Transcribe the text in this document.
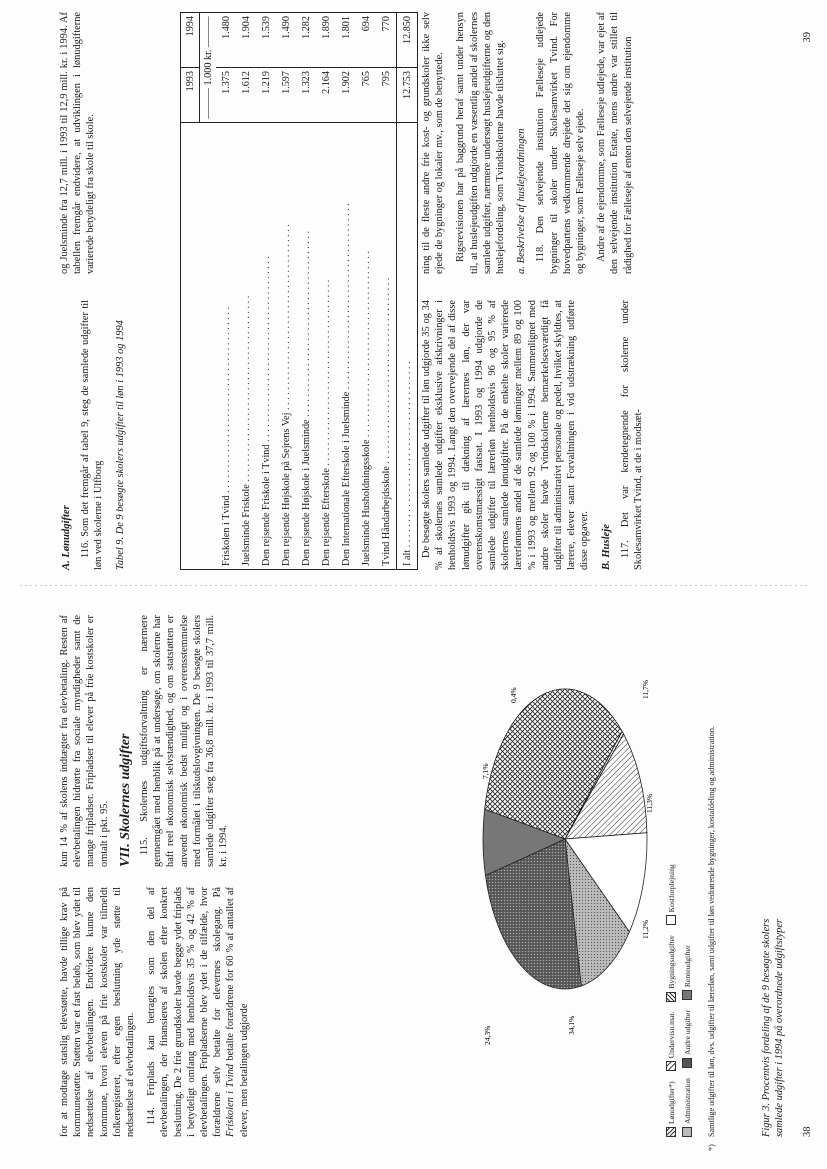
for at modtage statslig elevstøtte, havde tillige krav på kommunestøtte. Støtten var et fast beløb, som blev ydet til nedsættelse af elevbetalingen. Endvidere kunne den kommune, hvori eleven på frie kostskoler var tilmeldt folkeregisteret, efter egen beslutning yde støtte til nedsættelse af elevbetalingen. 114. Friplads kan betragtes som den del af elevbetalingen, der finansieres af skolen efter konkret beslutning. De 2 frie grundskoler havde begge ydet friplads i betydeligt omfang med henholdsvis 35 % og 42 % af elevbetalingen. Fripladserne blev ydet i de tilfælde, hvor forældrene selv betalte for elevernes skolegang. På Friskolen i Tvind betalte forældrene for 60 % af antallet af elever, men betalingen udgjorde

kun 14 % af skolens indtægter fra elevbetaling. Resten af elevbetalingen hidrørte fra sociale myndigheder samt de mange fripladser. Fripladser til elever på frie kostskoler er omtalt i pkt. 95. VII. Skolernes udgifter 115. Skolernes udgiftsforvaltning er nærmere gennemgået med henblik på at undersøge, om skolerne har haft reel økonomisk selvstændighed, og om statstøtten er anvendt økonomisk bedst muligt og i overensstemmelse med formålet i tilskudslovgivningen. De 9 besøgte skolers samlede udgifter steg fra 36,8 mill. kr. i 1993 til 37,7 mill. kr. i 1994.

34,1%
0,4%	11,7%
11,3%
11,2%
24,3%
7,1%
Lønudgifter*)
Undervisn.mat.
Bygningsudgifter
Kostforplejning
Administration
Andre udgifter
Renteudgifter
*)
Samtlige udgifter til løn, dvs. udgifter til lærerløn, samt udgifter til løn vedrørende bygninger, kostafdeling og administration.	Figur 3. Procentvis fordeling af de 9 besøgte skolers samlede udgifter i 1994 på overordnede udgiftstyper 38
A. Lønudgifter 116. Som det fremgår af tabel 9, steg de samlede udgifter til løn ved skolerne i Ulfborg Tabel 9. De 9 besøgte skolers udgifter til løn i 1993 og 1994

og Juelsminde fra 12,7 mill. i 1993 til 12,9 mill. kr. i 1994. Af tabellen fremgår endvidere, at udviklingen i lønudgifterne varierede betydeligt fra skole til skole.

	1993	1994
	——— 1.000 kr. ———	
Friskolen i Tvind . . .	1.375	1.480
Juelsminde Friskole . . .	1.612	1.904
Den rejsende Friskole i Tvind . . .	1.219	1.539
Den rejsende Højskole på Sejrens Vej . . .	1.597	1.490
Den rejsende Højskole i Juelsminde . . .	1.323	1.282
Den rejsende Efterskole . . .	2.164	1.890
Den Internationale Efterskole i Juelsminde . . .	1.902	1.801
Juelsminde Husholdningsskole . . .	765	694
Tvind Håndarbejdsskole . . .	795	770
I alt . . .	12.753	12.850

De besøgte skolers samlede udgifter til løn udgjorde 35 og 34 % af skolernes samlede udgifter eksklusive afskrivninger i henholdsvis 1993 og 1994. Langt den overvejende del af disse lønudgifter gik til dækning af lærernes løn, der var overenskomstmæssigt fastsat. I 1993 og 1994 udgjorde de samlede udgifter til lærerløn henholdsvis 96 og 95 % af skolernes samlede lønudgifter. På de enkelte skoler varierede lærerlønnens andel af de samlede lønninger mellem 89 og 100 % i 1993 og mellem 92 og 100 % i 1994. Sammenlignet med andre skoler havde Tvindskolerne bemærkelsesværdigt få udgifter til administrativt personale og pedel, hvilket skyldtes, at lærere, elever samt Forvaltningen i vid udstrækning udførte disse opgaver. B. Husleje 117. Det var kendetegnende for skolerne under Skolesamvirket Tvind, at de i modsæt-

ning til de fleste andre frie kost- og grundskoler ikke selv ejede de bygninger og lokaler mv., som de benyttede. Rigsrevisionen har på baggrund heraf samt under hensyn til, at huslejeudgiften udgjorde en væsentlig andel af skolernes samlede udgifter, nærmere undersøgt huslejeudgifterne og den huslejefordeling, som Tvindskolerne havde tilsluttet sig. a. Beskrivelse af huslejeordningen 118. Den selvejende institution Fælleseje udlejede bygninger til skoler under Skolesamvirket Tvind. For hovedpartens vedkommende drejede det sig om ejendomme og bygninger, som Fælleseje selv ejede. Andre af de ejendomme, som Fælleseje udlejede, var ejet af den selvejende institution Estate, mens andre var stillet til rådighed for Fælleseje af enten den selvejende institution	39
